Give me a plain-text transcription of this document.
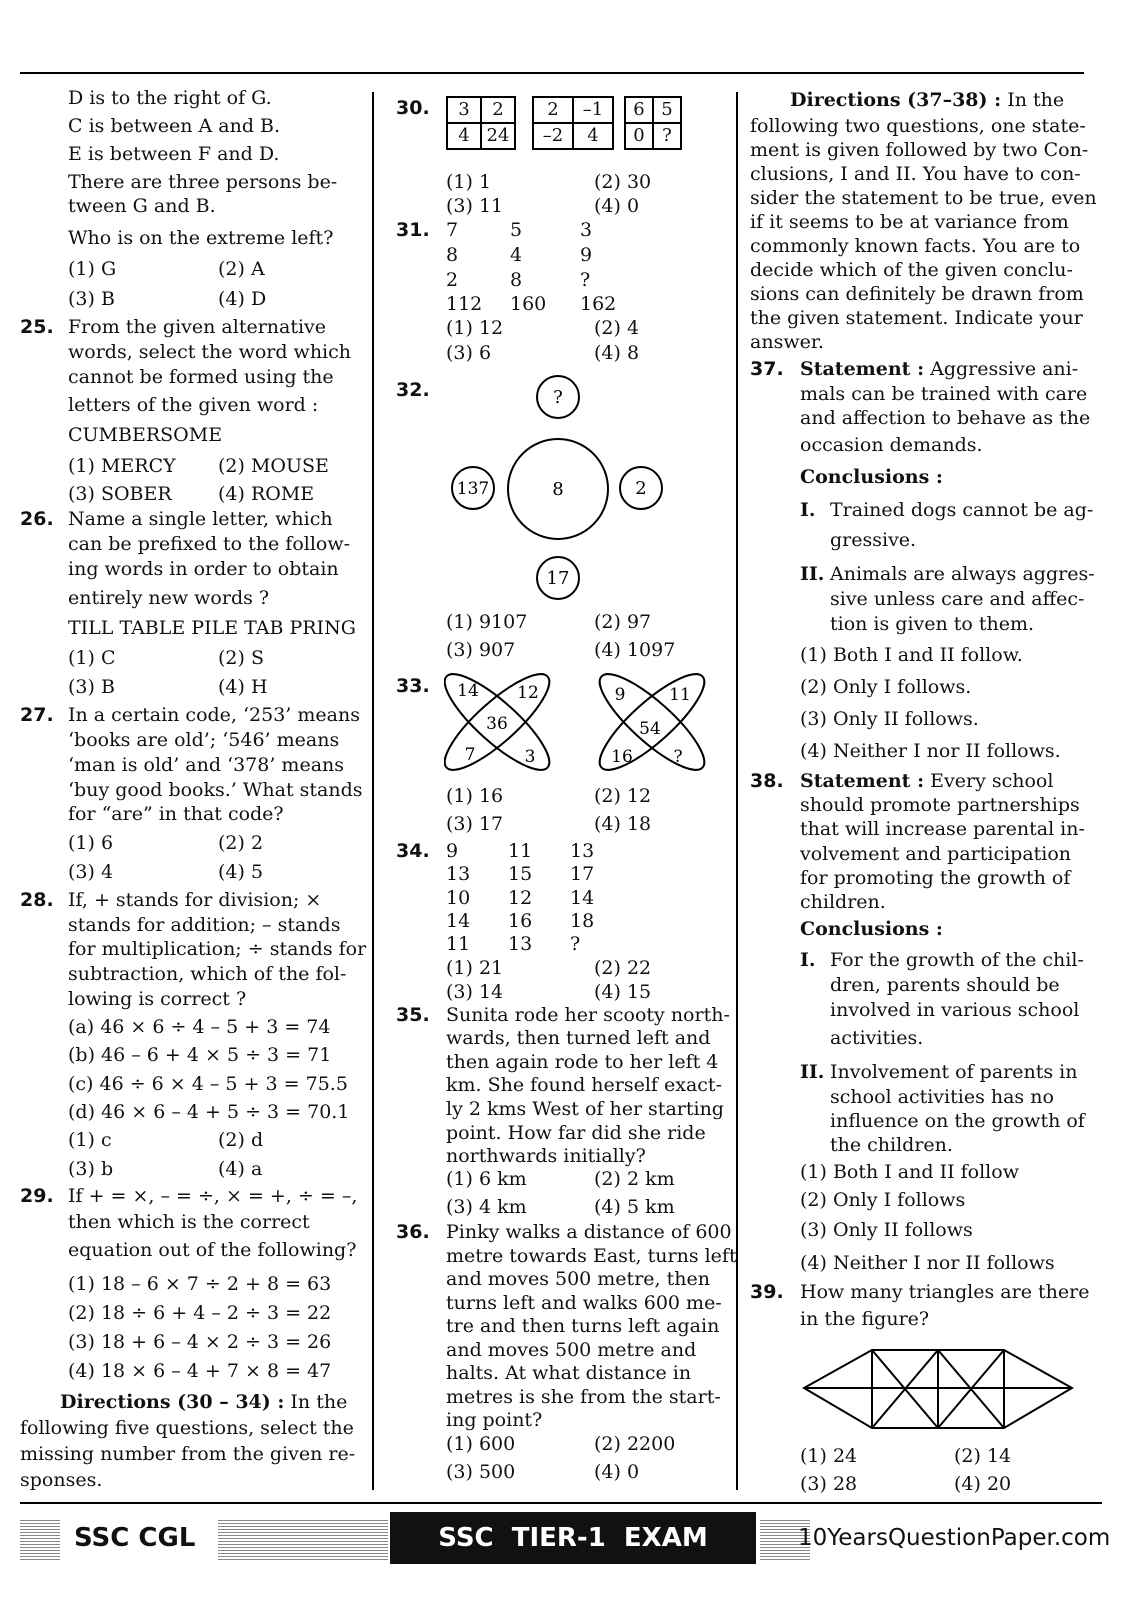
D is to the right of G.
C is between A and B.
E is between F and D.
There are three persons be-
tween G and B.
Who is on the extreme left?
(1) G	(2) A
(3) B	(4) D
25. From the given alternative
words, select the word which
cannot be formed using the
letters of the given word :
CUMBERSOME
(1) MERCY (2) MOUSE
(3) SOBER (4) ROME
26. Name a single letter, which
can be prefixed to the follow-
ing words in order to obtain
entirely new words ?
TILL TABLE PILE TAB PRING
(1) C	(2) S
(3) B	(4) H
27. In a certain code, ‘253’ means
‘books are old’; ‘546’ means
‘man is old’ and ‘378’ means
‘buy good books.’ What stands
for “are” in that code?
(1) 6	(2) 2
(3) 4	(4) 5
28. If, + stands for division; ×
stands for addition; – stands
for multiplication; ÷ stands for
subtraction, which of the fol-
lowing is correct ?
(a) 46 × 6 ÷ 4 – 5 + 3 = 74
(b) 46 – 6 + 4 × 5 ÷ 3 = 71
(c) 46 ÷ 6 × 4 – 5 + 3 = 75.5
(d) 46 × 6 – 4 + 5 ÷ 3 = 70.1
(1) c	(2) d
(3) b	(4) a
29. If + = ×, – = ÷, × = +, ÷ = –,
then which is the correct
equation out of the following?
(1) 18 – 6 × 7 ÷ 2 + 8 = 63
(2) 18 ÷ 6 + 4 – 2 ÷ 3 = 22
(3) 18 + 6 – 4 × 2 ÷ 3 = 26
(4) 18 × 6 – 4 + 7 × 8 = 47
Directions (30 – 34) : In the
following five questions, select the
missing number from the given re-
sponses.
30. 3	2
4	24
2	–1
–2	4
6	5
0	?
(1) 1	(2) 30
(3) 11	(4) 0
31. 7	5	3
8	4	9
2	8	?
112 160 162
(1) 12	(2) 4
(3) 6	(4) 8
32.
8
?
137	2
17
(1) 9107	(2) 97
(3) 907	(4) 1097
33. 14 12
36
7	3
9	11
54
16 ?
(1) 16	(2) 12
(3) 17	(4) 18
34. 9	11 13
13 15 17
10 12 14
14 16 18
11 13 ?
(1) 21	(2) 22
(3) 14	(4) 15
35. Sunita rode her scooty north-
wards, then turned left and
then again rode to her left 4
km. She found herself exact-
ly 2 kms West of her starting
point. How far did she ride
northwards initially?
(1) 6 km	(2) 2 km
(3) 4 km	(4) 5 km
36. Pinky walks a distance of 600
metre towards East, turns left
and moves 500 metre, then
turns left and walks 600 me-
tre and then turns left again
and moves 500 metre and
halts. At what distance in
metres is she from the start-
ing point?
(1) 600	(2) 2200
(3) 500	(4) 0
Directions (37–38) : In the
following two questions, one state-
ment is given followed by two Con-
clusions, I and II. You have to con-
sider the statement to be true, even
if it seems to be at variance from
commonly known facts. You are to
decide which of the given conclu-
sions can definitely be drawn from
the given statement. Indicate your
answer.
37. Statement : Aggressive ani-
mals can be trained with care
and affection to behave as the
occasion demands.
Conclusions :
I. Trained dogs cannot be ag-
gressive.
II. Animals are always aggres-
sive unless care and affec-
tion is given to them.
(1) Both I and II follow.
(2) Only I follows.
(3) Only II follows.
(4) Neither I nor II follows.
38. Statement : Every school
should promote partnerships
that will increase parental in-
volvement and participation
for promoting the growth of
children.
Conclusions :
I. For the growth of the chil-
dren, parents should be
involved in various school
activities.
II. Involvement of parents in
school activities has no
influence on the growth of
the children.
(1) Both I and II follow
(2) Only I follows
(3) Only II follows
(4) Neither I nor II follows
39. How many triangles are there
in the figure?
(1) 24	(2) 14
(3) 28	(4) 20
SSC CGL	SSC  TIER-1  EXAM	10YearsQuestionPaper.com
